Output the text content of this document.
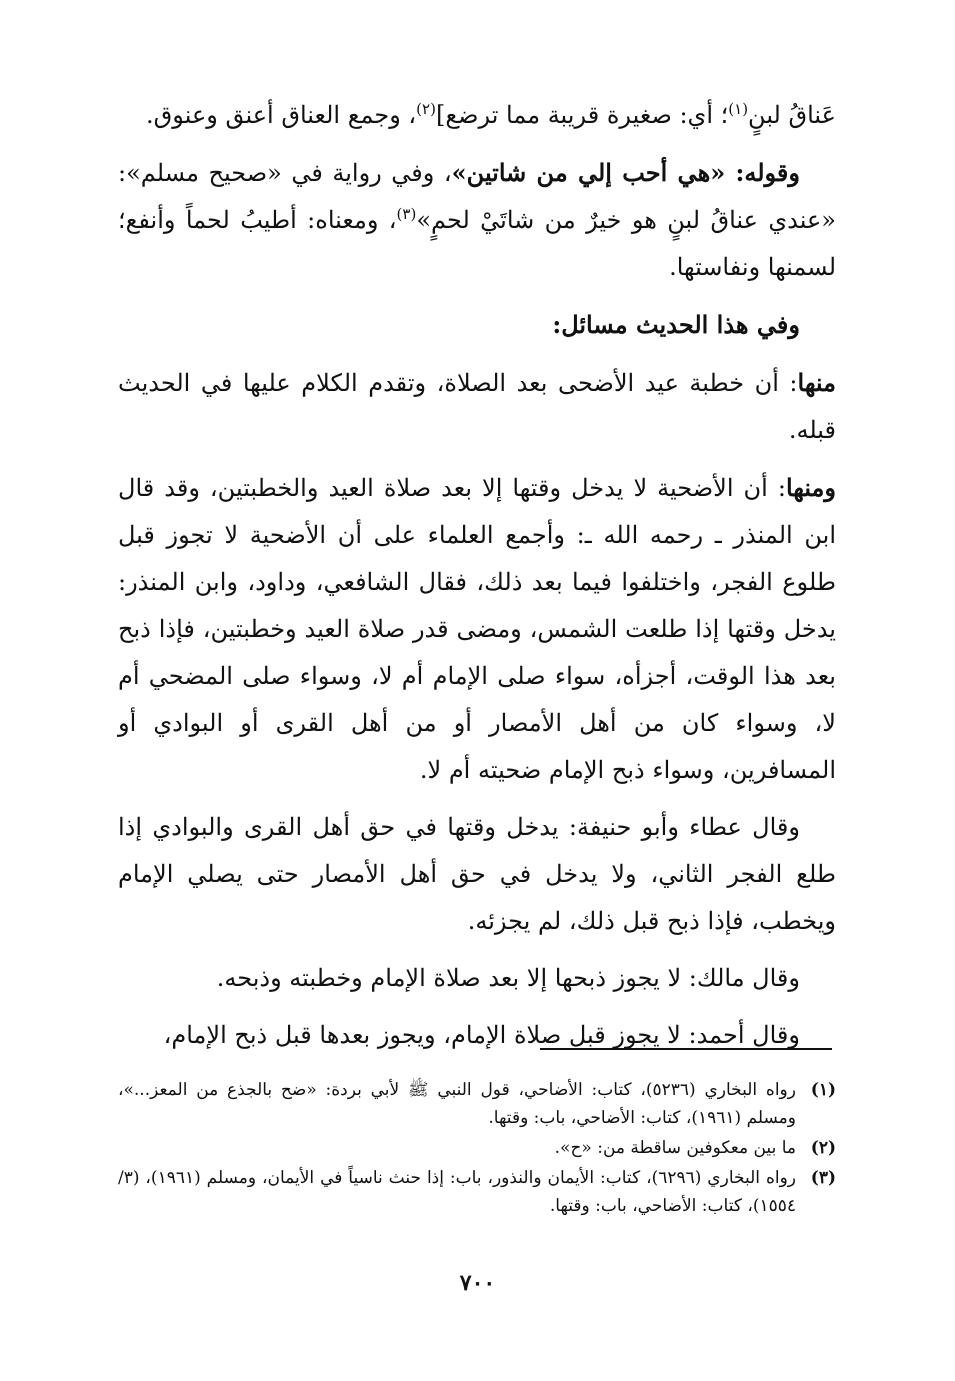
عَناقُ لبنٍ$^{(١)}$؛ أي: صغيرة قريبة مما ترضع]$^{(٢)}$، وجمع العناق أعنق وعنوق.

وقوله: «هي أحب إلي من شاتين»، وفي رواية في «صحيح مسلم»: «عندي عناقُ لبنٍ هو خيرٌ من شاتَيْ لحمٍ»$^{(٣)}$، ومعناه: أطيبُ لحماً وأنفع؛ لسمنها ونفاستها.

وفي هذا الحديث مسائل:

منها: أن خطبة عيد الأضحى بعد الصلاة، وتقدم الكلام عليها في الحديث قبله.

ومنها: أن الأضحية لا يدخل وقتها إلا بعد صلاة العيد والخطبتين، وقد قال ابن المنذر ـ رحمه الله ـ: وأجمع العلماء على أن الأضحية لا تجوز قبل طلوع الفجر، واختلفوا فيما بعد ذلك، فقال الشافعي، وداود، وابن المنذر: يدخل وقتها إذا طلعت الشمس، ومضى قدر صلاة العيد وخطبتين، فإذا ذبح بعد هذا الوقت، أجزأه، سواء صلى الإمام أم لا، وسواء صلى المضحي أم لا، وسواء كان من أهل الأمصار أو من أهل القرى أو البوادي أو المسافرين، وسواء ذبح الإمام ضحيته أم لا.

وقال عطاء وأبو حنيفة: يدخل وقتها في حق أهل القرى والبوادي إذا طلع الفجر الثاني، ولا يدخل في حق أهل الأمصار حتى يصلي الإمام ويخطب، فإذا ذبح قبل ذلك، لم يجزئه.

وقال مالك: لا يجوز ذبحها إلا بعد صلاة الإمام وخطبته وذبحه.

وقال أحمد: لا يجوز قبل صلاة الإمام، ويجوز بعدها قبل ذبح الإمام،

(١)
رواه البخاري (٥٢٣٦)، كتاب: الأضاحي، قول النبي ﷺ لأبي بردة: «ضح بالجذع من المعز...»، ومسلم (١٩٦١)، كتاب: الأضاحي، باب: وقتها.
(٢)
ما بين معكوفين ساقطة من: «ح».
(٣)
رواه البخاري (٦٢٩٦)، كتاب: الأيمان والنذور، باب: إذا حنث ناسياً في الأيمان، ومسلم (١٩٦١)، (٣/ ١٥٥٤)، كتاب: الأضاحي، باب: وقتها.
٧٠٠
